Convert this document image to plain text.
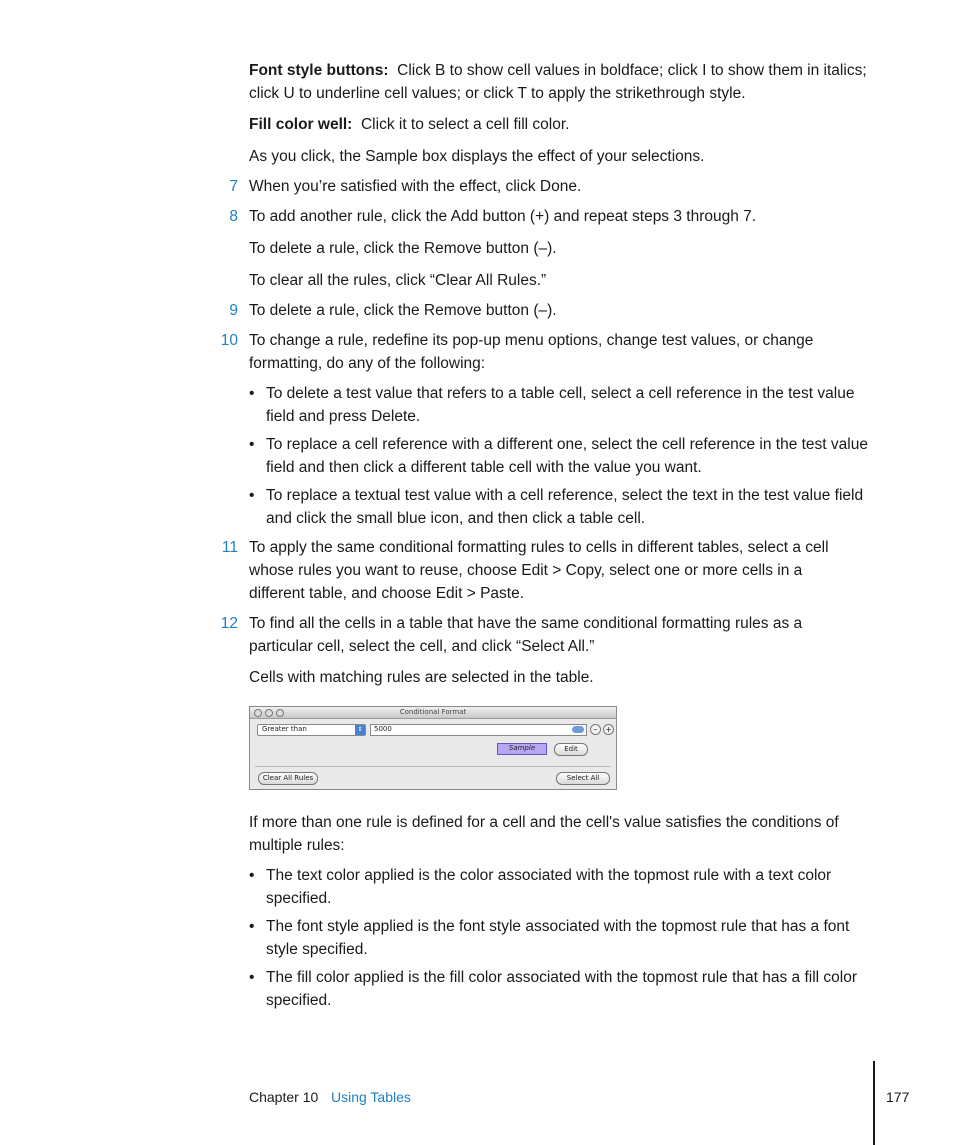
Font style buttons: Click B to show cell values in boldface; click I to show them in italics; click U to underline cell values; or click T to apply the strikethrough style.

Fill color well: Click it to select a cell fill color.

As you click, the Sample box displays the effect of your selections.

7 When you’re satisfied with the effect, click Done.

8 To add another rule, click the Add button (+) and repeat steps 3 through 7.

To delete a rule, click the Remove button (–).

To clear all the rules, click “Clear All Rules.”

9 To delete a rule, click the Remove button (–).

10 To change a rule, redefine its pop-up menu options, change test values, or change formatting, do any of the following:

• To delete a test value that refers to a table cell, select a cell reference in the test value field and press Delete.

• To replace a cell reference with a different one, select the cell reference in the test value field and then click a different table cell with the value you want.

• To replace a textual test value with a cell reference, select the text in the test value field and click the small blue icon, and then click a table cell.

11 To apply the same conditional formatting rules to cells in different tables, select a cell whose rules you want to reuse, choose Edit > Copy, select one or more cells in a different table, and choose Edit > Paste.

12 To find all the cells in a table that have the same conditional formatting rules as a particular cell, select the cell, and click “Select All.”

Cells with matching rules are selected in the table.

Conditional Format
Greater than	⇕	5000	– +
Sample	Edit
Clear All Rules	Select All

If more than one rule is defined for a cell and the cell's value satisfies the conditions of multiple rules:

• The text color applied is the color associated with the topmost rule with a text color specified.

• The font style applied is the font style associated with the topmost rule that has a font style specified.

• The fill color applied is the fill color associated with the topmost rule that has a fill color specified.

Chapter 10 Using Tables	177
